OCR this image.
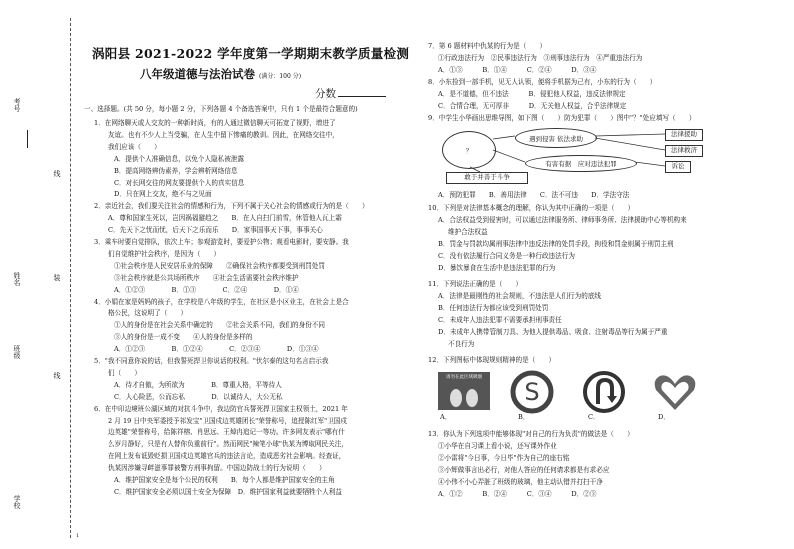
考号
姓名
班级
学校
线
线
装
涡阳县 2021-2022 学年度第一学期期末教学质量检测
八年级道德与法治试卷 (满分：100 分)
分数
一、选择题。(共 50 分，每小题 2 分，下列各题 4 个备选答案中，只有 1 个是最符合题意的)
1．在网络聊天或人交友的一种新时尚，有的人通过微信聊天可拓宽了视野，增进了
友谊。也有不少人上当受骗，在人生中留下惨痛的教训。因此，在网络交往中，
我们应该（　　）
A．提供个人准确信息，以免个人隐私被泄露
B．提高网络辨伪素养，学会辨析网络信息
C．对长网交往的网友要提供个人的真实信息
D．只在网上交友，绝不与之见面
2．亲近社会，我们要关注社会的情感和行为，下列不属于关心社会的情感或行为的是（　　）
A．尊和国家生死以，岂因祸福避趋之　　B．在人自扫门前雪，休管他人瓦上霜
C．先天下之忧而忧，后天下之乐而乐　　D．家事国事天下事，事事关心
3．乘车时要自觉排队，依次上车；参观游览时，要爱护公物；观看电影时，要安静。我
们自觉维护社会秩序，是因为（　　）
①社会秩序是人民安居乐业的保障　　②确保社会秩序都要受到刑罚处罚
③社会秩序就是公共场所秩序　　④社会生活需要社会秩序维护
A．①②③　　　　B．①③　　　　C．②④　　　　D．①④
4．小娟在家是妈妈的孩子，在学校是八年级的学生，在社区是小区业主，在社会上是合
格公民，这说明了（　　）
①人的身份是在社会关系中确定的　　②社会关系不同，我们的身份不同
③人的身份是一成不变　　④人的身份是多样的
A．①②③　　　　B．①②④　　　　C．②③④　　　　D．①③④
5．"我不同意你说的话，但我誓死捍卫你说话的权利。"伏尔泰的这句名言启示我
们（　　）
A．待才自傲，为所欲为　　　　B．尊重人格，平等待人
C．人心险恶，公而忘私　　　　D．以诚待人，大公无私
6．在中印边境班公湖区域的对抗斗争中，我边防官兵誓死捍卫国家主权领土，2021 年
2 月 19 日中央军委授予祁发宝"卫国戍边英雄团长"荣誉称号，追授陈红军"卫国戍
边英雄"荣誉称号，给陈祥榕、肖思远、王焯冉追记一等功。许多网友表示"哪有什
么岁月静好，只是有人替你负重前行"。然而网民"辣笔小球"仇某为博取网民关注，
在网上发布诋毁贬损卫国戍边英雄官兵的违法言论，造成恶劣社会影响。经查证，
仇某因涉嫌寻衅滋事罪被警方刑事拘留。中国边防战士的行为说明（　　）
A．维护国家安全是每个公民的权利　　B．每个人都是维护国家安全的主角
C．维护国家安全必须以国土安全为保障　D．维护国家利益就要牺牲个人利益
7．第 6 题材料中仇某的行为是（　　）
①行政违法行为　②民事违法行为　③刑事违法行为　④严重违法行为
A．①③　　　B．①④　　　C．②④　　　D．③④
8．小东捡到一部手机，见无人认领，便将手机据为己有，小东的行为（　　）
A．是不道德，但不违法　　　B．侵犯他人权益，违反法律规定
C．合情合理，无可厚非　　　D．无关他人权益，合乎法律规定
9．中学生小华画出思维导图，如下图（　　）防为犯罪（　　）图中"？"处应填写（　　）
A．预防犯罪　　B．善用法律　　C．法不可违　　D．学法守法
10．下列是对法律基本概念的理解，你认为其中正确的一项是（　　）
A．合法权益受到侵害时，可以通过法律服务所、律师事务所、法律援助中心等机构来
维护合法权益
B．罚金与罚款均属刑事法律中违反法律的处罚手段，拘役和罚金则属于刑罚主刑
C．没有依法履行合同义务是一种行政违法行为
D．暴饮暴食在生活中是违法犯罪的行为
11．下列说法正确的是（　　）
A．法律是最刚性的社会规则，不违法是人们行为的底线
B．任何违法行为都应该受到刑罚处罚
C．未成年人违法犯罪不需要承担刑事责任
D．未成年人携带管制刀具、为他人提供毒品、吸食、注射毒品等行为属于严重
不良行为
12．下列图标中体现规则精神的是（　　）
13．你认为下列选项中能够体现"对自己的行为负责"的做法是（　　）
①小华在自习课上看小说，还写课外作业
②小雷将"今日事，今日毕"作为自己的座右铭
③小辉做事言出必行，对他人答应的任何请求都是有求必应
④小伟不小心弄脏了班级的玻璃，他主动认错并打扫干净
A．①②　　　B．②④　　　C．③④　　　D．②③
？
遇到侵害 依法求助
有害有据　应对违法犯罪
敢于并善于斗争
法律援助
法律救济
诉讼
请勿在此区域吸烟
S
A．	B．	C．	D．
1
